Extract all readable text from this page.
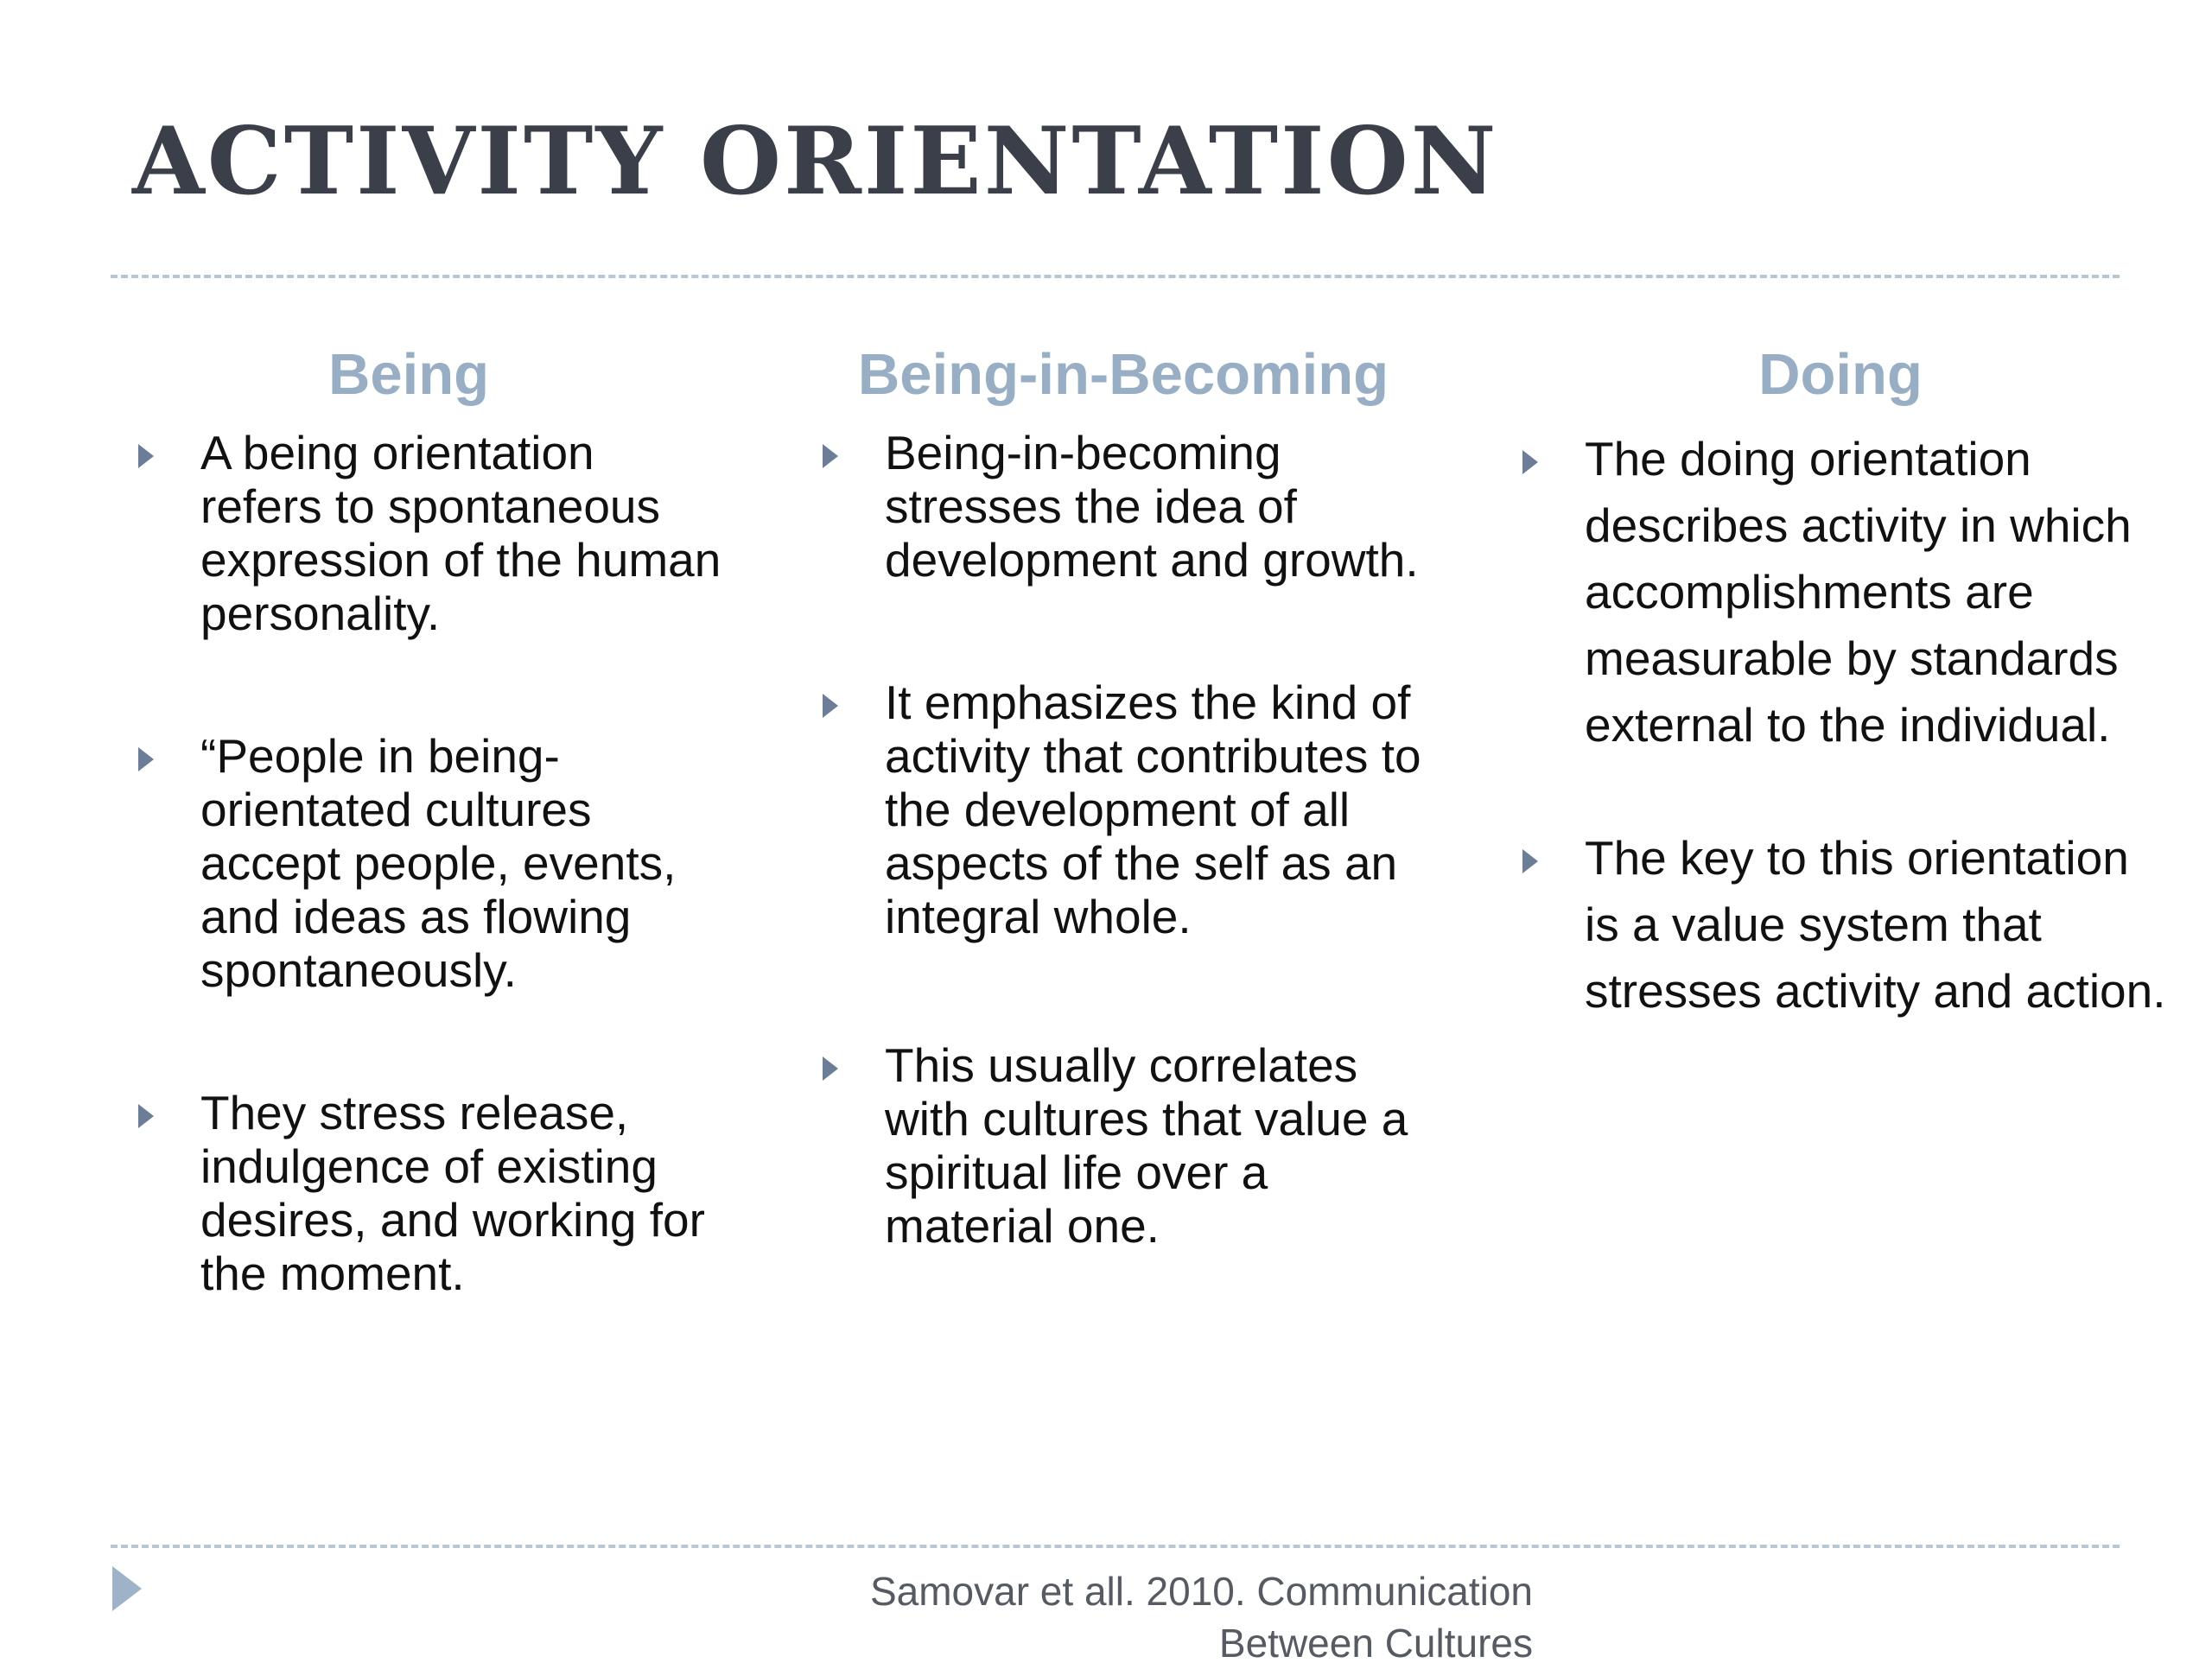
ACTIVITY ORIENTATION
Being
A being orientation refers to spontaneous expression of the human personality.
“People in being-orientated cultures accept people, events, and ideas as flowing spontaneously.
They stress release, indulgence of existing desires, and working for the moment.
Being-in-Becoming
Being-in-becoming stresses the idea of development and growth.
It emphasizes the kind of activity that contributes to the development of all aspects of the self as an integral whole.
This usually correlates with cultures that value a spiritual life over a material one.
Doing
The doing orientation describes activity in which accomplishments are measurable by standards external to the individual.
The key to this orientation is a value system that stresses activity and action.
Samovar et all. 2010. Communication
Between Cultures
